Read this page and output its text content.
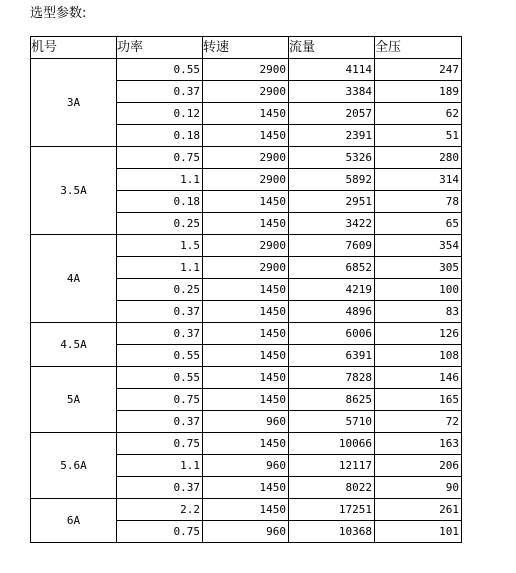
选型参数:
机号	功率	转速	流量	全压
3A	0.55	2900	4114	247
	0.37	2900	3384	189
	0.12	1450	2057	62
	0.18	1450	2391	51
3.5A	0.75	2900	5326	280
	1.1	2900	5892	314
	0.18	1450	2951	78
	0.25	1450	3422	65
4A	1.5	2900	7609	354
	1.1	2900	6852	305
	0.25	1450	4219	100
	0.37	1450	4896	83
4.5A	0.37	1450	6006	126
	0.55	1450	6391	108
5A	0.55	1450	7828	146
	0.75	1450	8625	165
	0.37	960	5710	72
5.6A	0.75	1450	10066	163
	1.1	960	12117	206
	0.37	1450	8022	90
6A	2.2	1450	17251	261
	0.75	960	10368	101
